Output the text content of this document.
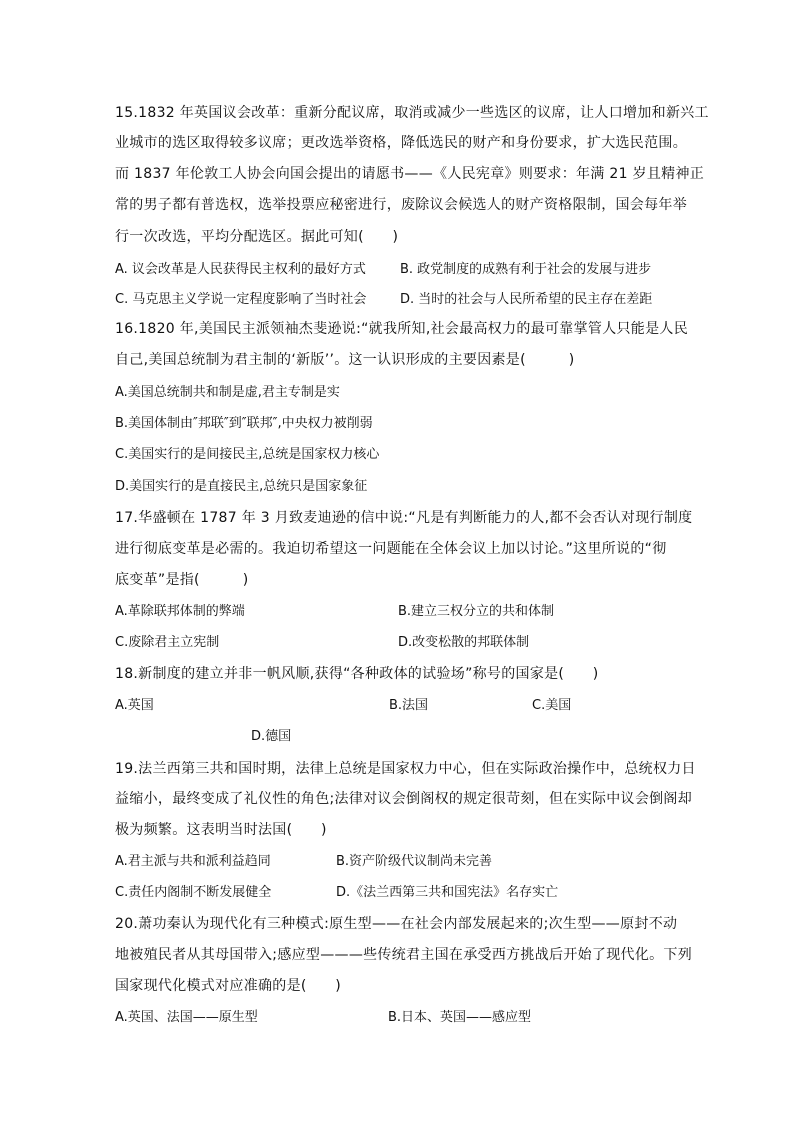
15.1832 年英国议会改革：重新分配议席，取消或减少一些选区的议席，让人口增加和新兴工
业城市的选区取得较多议席；更改选举资格，降低选民的财产和身份要求，扩大选民范围。
而 1837 年伦敦工人协会向国会提出的请愿书——《人民宪章》则要求：年满 21 岁且精神正
常的男子都有普选权，选举投票应秘密进行，废除议会候选人的财产资格限制，国会每年举
行一次改选，平均分配选区。据此可知(　　)
A. 议会改革是人民获得民主权利的最好方式	B. 政党制度的成熟有利于社会的发展与进步
C. 马克思主义学说一定程度影响了当时社会	D. 当时的社会与人民所希望的民主存在差距
16.1820 年,美国民主派领袖杰斐逊说:“就我所知,社会最高权力的最可靠掌管人只能是人民
自己,美国总统制为君主制的‘新版’’。这一认识形成的主要因素是(　　　)
A.美国总统制共和制是虚,君主专制是实
B.美国体制由″邦联″到″联邦″,中央权力被削弱
C.美国实行的是间接民主,总统是国家权力核心
D.美国实行的是直接民主,总统只是国家象征
17.华盛顿在 1787 年 3 月致麦迪逊的信中说:“凡是有判断能力的人,都不会否认对现行制度
进行彻底变革是必需的。我迫切希望这一问题能在全体会议上加以讨论。”这里所说的“彻
底变革”是指(　　　)
A.革除联邦体制的弊端	B.建立三权分立的共和体制
C.废除君主立宪制	D.改变松散的邦联体制
18.新制度的建立并非一帆风顺,获得“各种政体的试验场”称号的国家是(　　)
A.英国	B.法国	C.美国
D.德国
19.法兰西第三共和国时期，法律上总统是国家权力中心，但在实际政治操作中，总统权力日
益缩小，最终变成了礼仪性的角色;法律对议会倒阁权的规定很苛刻，但在实际中议会倒阁却
极为频繁。这表明当时法国(　　)
A.君主派与共和派利益趋同	B.资产阶级代议制尚未完善
C.责任内阁制不断发展健全	D.《法兰西第三共和国宪法》名存实亡
20.萧功秦认为现代化有三种模式:原生型——在社会内部发展起来的;次生型——原封不动
地被殖民者从其母国带入;感应型———些传统君主国在承受西方挑战后开始了现代化。下列
国家现代化模式对应准确的是(　　)
A.英国、法国——原生型	B.日本、英国——感应型
